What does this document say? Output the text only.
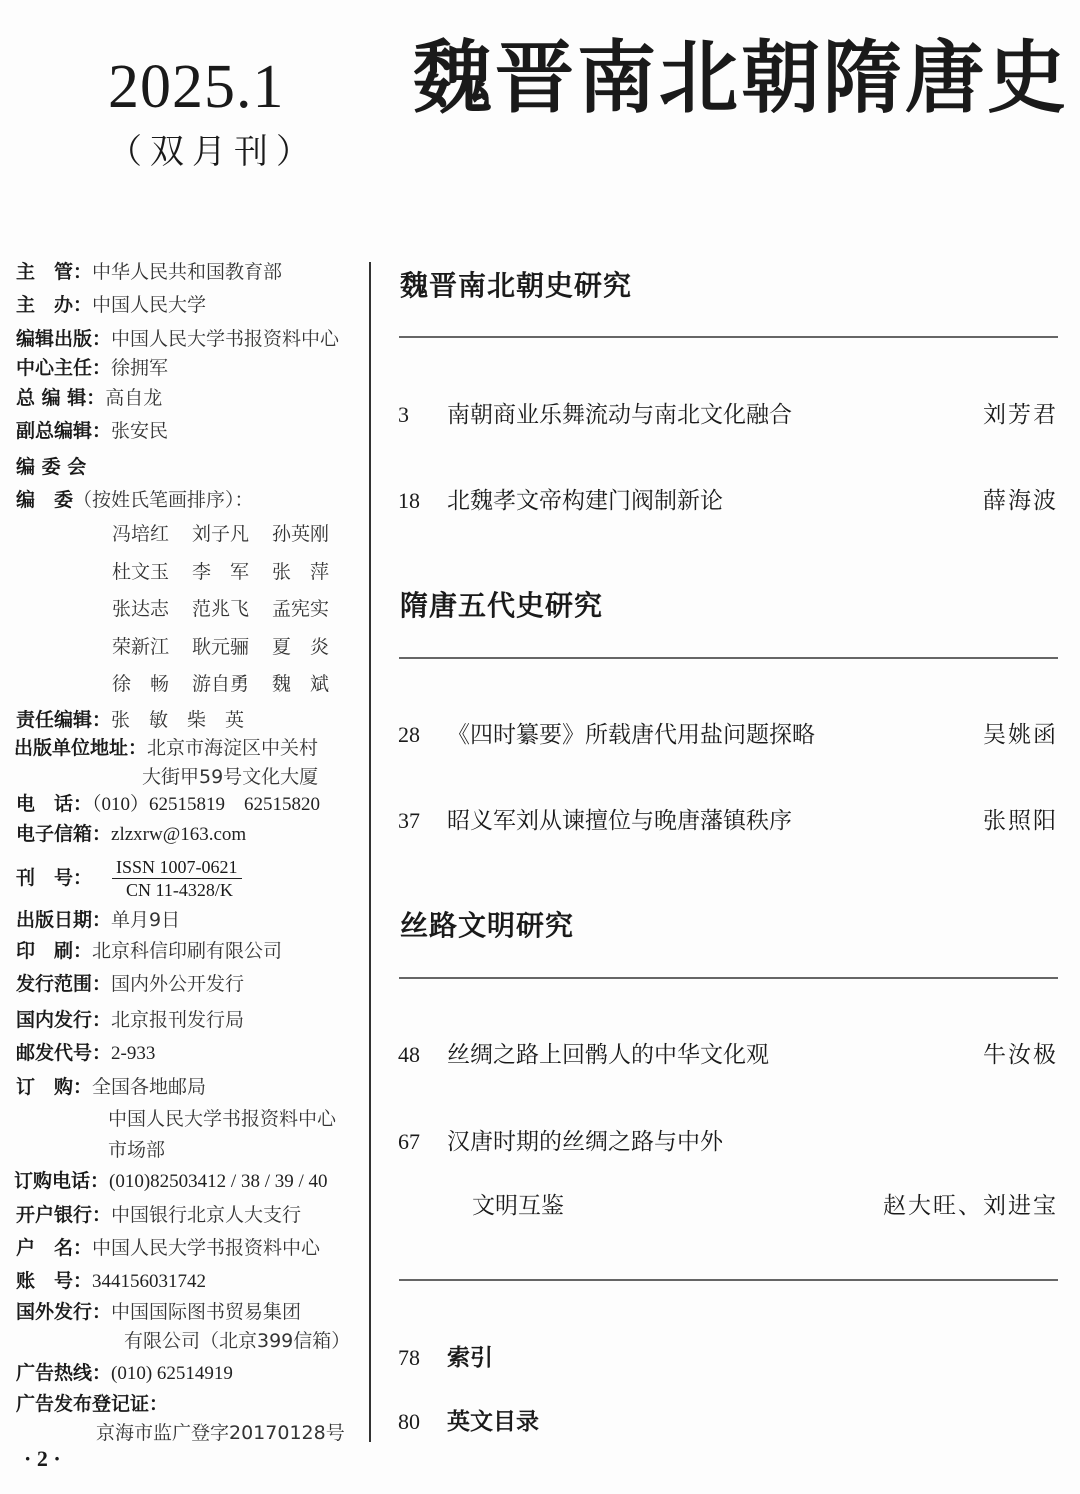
2025.1
（双月刊）
魏晋南北朝隋唐史
主　管：中华人民共和国教育部
主　办：中国人民大学
编辑出版：中国人民大学书报资料中心
中心主任：徐拥军
总 编 辑：高自龙
副总编辑：张安民
编 委 会
编　委（按姓氏笔画排序）：
冯培红 刘子凡 孙英刚
杜文玉 李　军 张　萍
张达志 范兆飞 孟宪实
荣新江 耿元骊 夏　炎
徐　畅 游自勇 魏　斌
责任编辑：张　敏　柴　英
出版单位地址：北京市海淀区中关村
大街甲59号文化大厦
电　话：（010）62515819　62515820
电子信箱：zlzxrw@163.com
刊　号： ISSN 1007-0621
CN 11-4328/K
出版日期：单月9日
印　刷：北京科信印刷有限公司
发行范围：国内外公开发行
国内发行：北京报刊发行局
邮发代号：2-933
订　购：全国各地邮局
中国人民大学书报资料中心
市场部
订购电话：(010)82503412 / 38 / 39 / 40
开户银行：中国银行北京人大支行
户　名：中国人民大学书报资料中心
账　号：344156031742
国外发行：中国国际图书贸易集团
有限公司（北京399信箱）
广告热线：(010) 62514919
广告发布登记证：
京海市监广登字20170128号
· 2 ·
魏晋南北朝史研究
3 南朝商业乐舞流动与南北文化融合	刘芳君
18 北魏孝文帝构建门阀制新论	薛海波
隋唐五代史研究
28 《四时纂要》所载唐代用盐问题探略	吴姚函
37 昭义军刘从谏擅位与晚唐藩镇秩序	张照阳
丝路文明研究
48 丝绸之路上回鹘人的中华文化观	牛汝极
67 汉唐时期的丝绸之路与中外
文明互鉴	赵大旺、刘进宝
78 索引
80 英文目录
